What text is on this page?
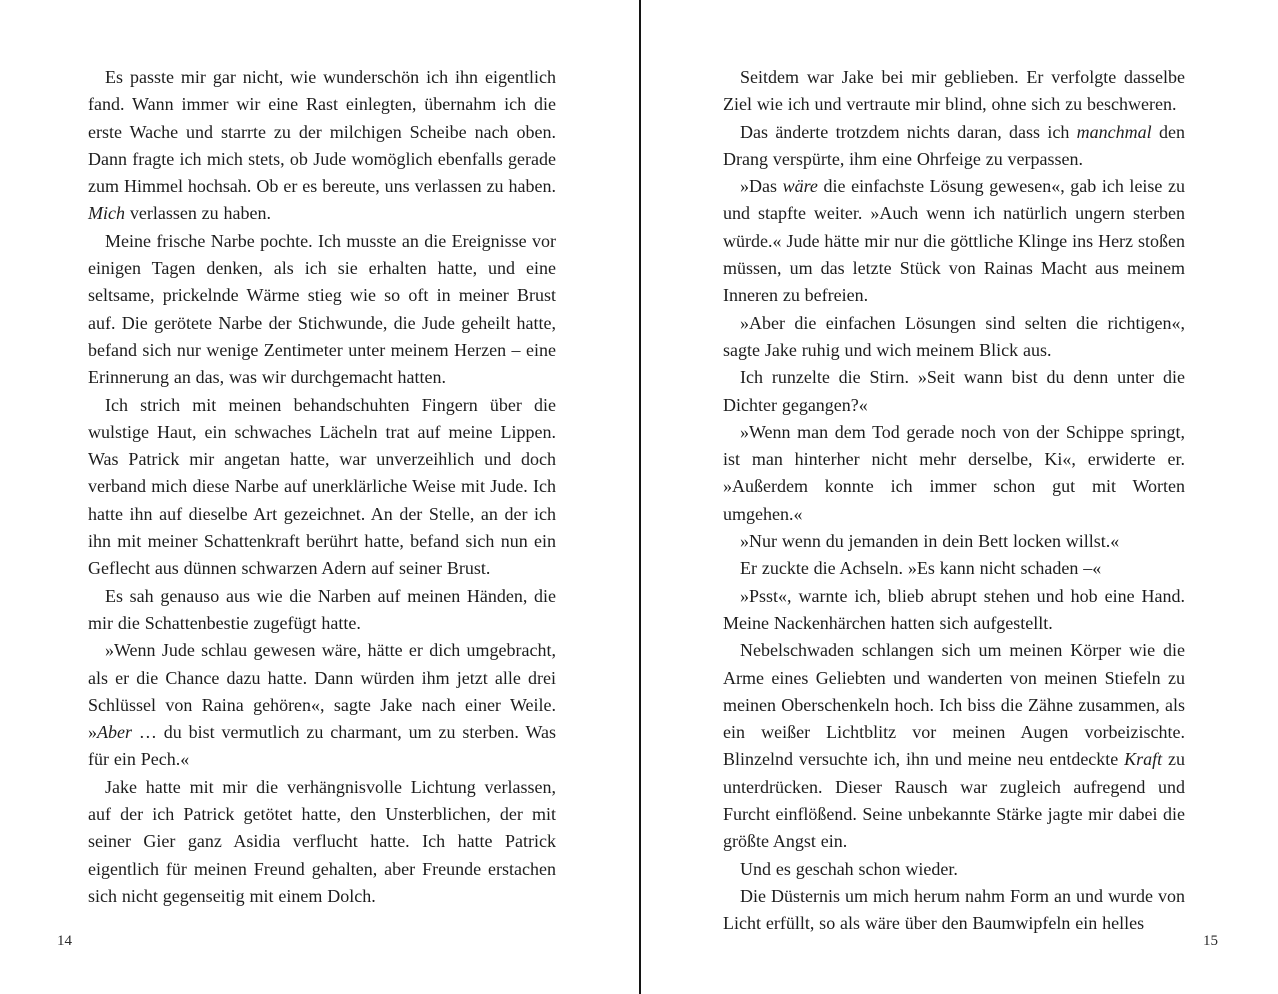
Es passte mir gar nicht, wie wunderschön ich ihn eigentlich fand. Wann immer wir eine Rast einlegten, übernahm ich die erste Wache und starrte zu der milchigen Scheibe nach oben. Dann fragte ich mich stets, ob Jude womöglich ebenfalls gerade zum Himmel hochsah. Ob er es bereute, uns verlassen zu haben. Mich verlassen zu haben.

Meine frische Narbe pochte. Ich musste an die Ereignisse vor einigen Tagen denken, als ich sie erhalten hatte, und eine seltsame, prickelnde Wärme stieg wie so oft in meiner Brust auf. Die gerötete Narbe der Stichwunde, die Jude geheilt hatte, befand sich nur wenige Zentimeter unter meinem Herzen – eine Erinnerung an das, was wir durchgemacht hatten.

Ich strich mit meinen behandschuhten Fingern über die wulstige Haut, ein schwaches Lächeln trat auf meine Lippen. Was Patrick mir angetan hatte, war unverzeihlich und doch verband mich diese Narbe auf unerklärliche Weise mit Jude. Ich hatte ihn auf dieselbe Art gezeichnet. An der Stelle, an der ich ihn mit meiner Schattenkraft berührt hatte, befand sich nun ein Geflecht aus dünnen schwarzen Adern auf seiner Brust.

Es sah genauso aus wie die Narben auf meinen Händen, die mir die Schattenbestie zugefügt hatte.

»Wenn Jude schlau gewesen wäre, hätte er dich umgebracht, als er die Chance dazu hatte. Dann würden ihm jetzt alle drei Schlüssel von Raina gehören«, sagte Jake nach einer Weile. »Aber … du bist vermutlich zu charmant, um zu sterben. Was für ein Pech.«

Jake hatte mit mir die verhängnisvolle Lichtung verlassen, auf der ich Patrick getötet hatte, den Unsterblichen, der mit seiner Gier ganz Asidia verflucht hatte. Ich hatte Patrick eigentlich für meinen Freund gehalten, aber Freunde erstachen sich nicht gegenseitig mit einem Dolch.

Seitdem war Jake bei mir geblieben. Er verfolgte dasselbe Ziel wie ich und vertraute mir blind, ohne sich zu beschweren.

Das änderte trotzdem nichts daran, dass ich manchmal den Drang verspürte, ihm eine Ohrfeige zu verpassen.

»Das wäre die einfachste Lösung gewesen«, gab ich leise zu und stapfte weiter. »Auch wenn ich natürlich ungern sterben würde.« Jude hätte mir nur die göttliche Klinge ins Herz stoßen müssen, um das letzte Stück von Rainas Macht aus meinem Inneren zu befreien.

»Aber die einfachen Lösungen sind selten die richtigen«, sagte Jake ruhig und wich meinem Blick aus.

Ich runzelte die Stirn. »Seit wann bist du denn unter die Dichter gegangen?«

»Wenn man dem Tod gerade noch von der Schippe springt, ist man hinterher nicht mehr derselbe, Ki«, erwiderte er. »Außerdem konnte ich immer schon gut mit Worten umgehen.«

»Nur wenn du jemanden in dein Bett locken willst.«

Er zuckte die Achseln. »Es kann nicht schaden –«

»Psst«, warnte ich, blieb abrupt stehen und hob eine Hand. Meine Nackenhärchen hatten sich aufgestellt.

Nebelschwaden schlangen sich um meinen Körper wie die Arme eines Geliebten und wanderten von meinen Stiefeln zu meinen Oberschenkeln hoch. Ich biss die Zähne zusammen, als ein weißer Lichtblitz vor meinen Augen vorbeizischte. Blinzelnd versuchte ich, ihn und meine neu entdeckte Kraft zu unterdrücken. Dieser Rausch war zugleich aufregend und Furcht einflößend. Seine unbekannte Stärke jagte mir dabei die größte Angst ein.

Und es geschah schon wieder.

Die Düsternis um mich herum nahm Form an und wurde von Licht erfüllt, so als wäre über den Baumwipfeln ein helles

14	15
